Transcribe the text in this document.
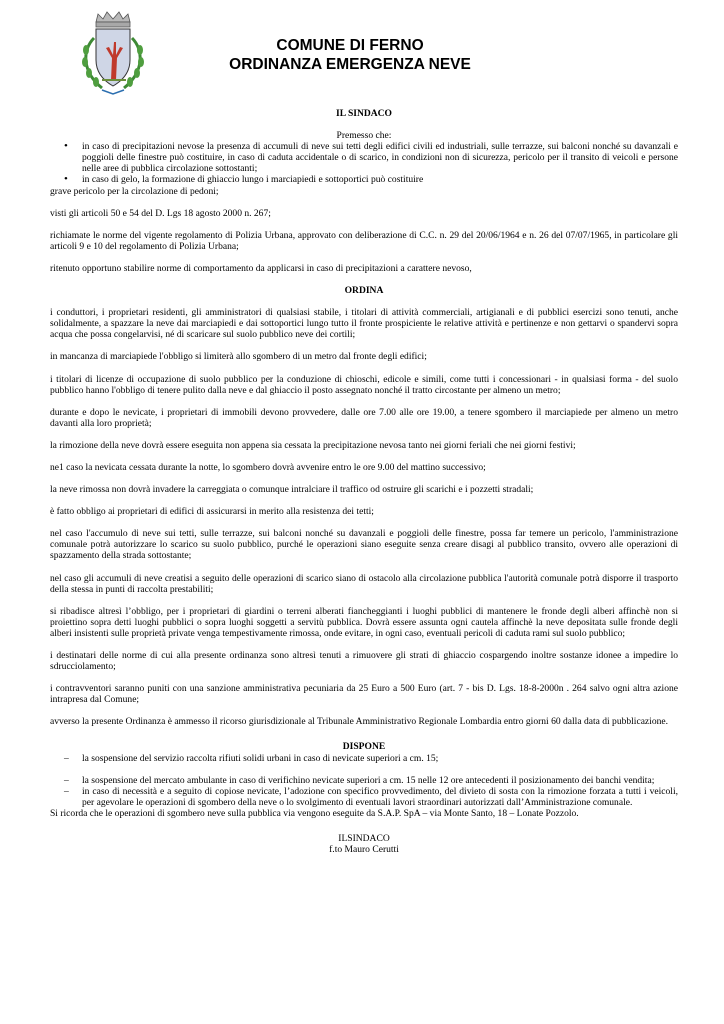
COMUNE DI FERNO
ORDINANZA EMERGENZA NEVE

IL SINDACO

Premesso che:

• in caso di precipitazioni nevose la presenza di accumuli di neve sui tetti degli edifici civili ed industriali, sulle terrazze, sui balconi nonché su davanzali e poggioli delle finestre può costituire, in caso di caduta accidentale o di scarico, in condizioni non di sicurezza, pericolo per il transito di veicoli e persone nelle aree di pubblica circolazione sottostanti;
• in caso di gelo, la formazione di ghiaccio lungo i marciapiedi e sottoportici può costituire

grave pericolo per la circolazione di pedoni;

visti gli articoli 50 e 54 del D. Lgs 18 agosto 2000 n. 267;

richiamate le norme del vigente regolamento di Polizia Urbana, approvato con deliberazione di C.C. n. 29 del 20/06/1964 e n. 26 del 07/07/1965, in particolare gli articoli 9 e 10 del regolamento di Polizia Urbana;

ritenuto opportuno stabilire norme di comportamento da applicarsi in caso di precipitazioni a carattere nevoso,

ORDINA

i conduttori, i proprietari residenti, gli amministratori di qualsiasi stabile, i titolari di attività commerciali, artigianali e di pubblici esercizi sono tenuti, anche solidalmente, a spazzare la neve dai marciapiedi e dai sottoportici lungo tutto il fronte prospiciente le relative attività e pertinenze e non gettarvi o spandervi sopra acqua che possa congelarvisi, né di scaricare sul suolo pubblico neve dei cortili;

in mancanza di marciapiede l'obbligo si limiterà allo sgombero di un metro dal fronte degli edifici;

i titolari di licenze di occupazione di suolo pubblico per la conduzione di chioschi, edicole e simili, come tutti i concessionari - in qualsiasi forma - del suolo pubblico hanno l'obbligo di tenere pulito dalla neve e dal ghiaccio il posto assegnato nonché il tratto circostante per almeno un metro;

durante e dopo le nevicate, i proprietari di immobili devono provvedere, dalle ore 7.00 alle ore 19.00, a tenere sgombero il marciapiede per almeno un metro davanti alla loro proprietà;

la rimozione della neve dovrà essere eseguita non appena sia cessata la precipitazione nevosa tanto nei giorni feriali che nei giorni festivi;

ne1 caso la nevicata cessata durante la notte, lo sgombero dovrà avvenire entro le ore 9.00 del mattino successivo;

la neve rimossa non dovrà invadere la carreggiata o comunque intralciare il traffico od ostruire gli scarichi e i pozzetti stradali;

è fatto obbligo ai proprietari di edifici di assicurarsi in merito alla resistenza dei tetti;

nel caso l'accumulo di neve sui tetti, sulle terrazze, sui balconi nonché su davanzali e poggioli delle finestre, possa far temere un pericolo, l'amministrazione comunale potrà autorizzare lo scarico su suolo pubblico, purché le operazioni siano eseguite senza creare disagi al pubblico transito, ovvero alle operazioni di spazzamento della strada sottostante;

nel caso gli accumuli di neve creatisi a seguito delle operazioni di scarico siano di ostacolo alla circolazione pubblica l'autorità comunale potrà disporre il trasporto della stessa in punti di raccolta prestabiliti;

si ribadisce altresì l’obbligo, per i proprietari di giardini o terreni alberati fiancheggianti i luoghi pubblici di mantenere le fronde degli alberi affinchè non si proiettino sopra detti luoghi pubblici o sopra luoghi soggetti a servitù pubblica. Dovrà essere assunta ogni cautela affinchè la neve depositata sulle fronde degli alberi insistenti sulle proprietà private venga tempestivamente rimossa, onde evitare, in ogni caso, eventuali pericoli di caduta rami sul suolo pubblico;

i destinatari delle norme di cui alla presente ordinanza sono altresì tenuti a rimuovere gli strati di ghiaccio cospargendo inoltre sostanze idonee a impedire lo sdrucciolamento;

i contravventori saranno puniti con una sanzione amministrativa pecuniaria da 25 Euro a 500 Euro (art. 7 - bis D. Lgs. 18-8-2000n . 264 salvo ogni altra azione intrapresa dal Comune;

avverso la presente Ordinanza è ammesso il ricorso giurisdizionale al Tribunale Amministrativo Regionale Lombardia entro giorni 60 dalla data di pubblicazione.

DISPONE

– la sospensione del servizio raccolta rifiuti solidi urbani in caso di nevicate superiori a cm. 15;
– la sospensione del mercato ambulante in caso di verifichino nevicate superiori a cm. 15 nelle 12 ore antecedenti il posizionamento dei banchi vendita;
– in caso di necessità e a seguito di copiose nevicate, l’adozione con specifico provvedimento, del divieto di sosta con la rimozione forzata a tutti i veicoli, per agevolare le operazioni di sgombero della neve o lo svolgimento di eventuali lavori straordinari autorizzati dall’Amministrazione comunale.

Si ricorda che le operazioni di sgombero neve sulla pubblica via vengono eseguite da S.A.P. SpA – via Monte Santo, 18 – Lonate Pozzolo.

ILSINDACO
f.to Mauro Cerutti
